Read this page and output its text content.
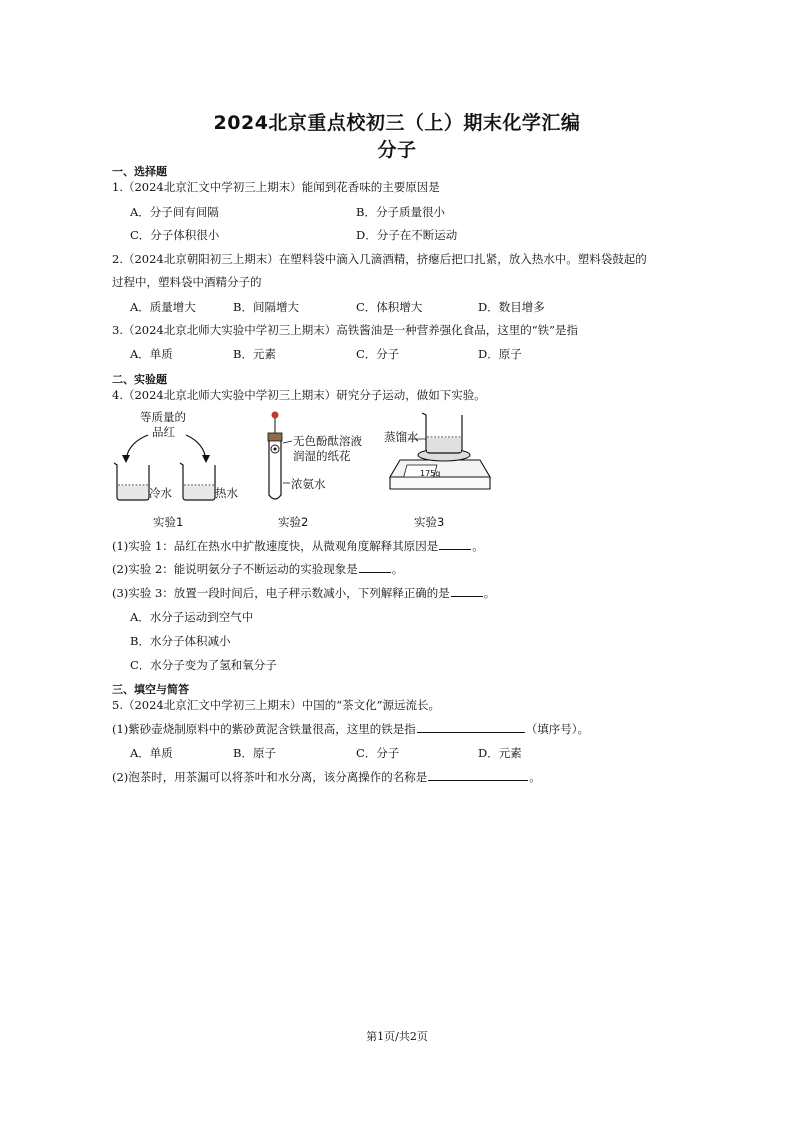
2024北京重点校初三（上）期末化学汇编
分子
一、选择题
1.（2024北京汇文中学初三上期末）能闻到花香味的主要原因是
A．分子间有间隔	B．分子质量很小
C．分子体积很小	D．分子在不断运动
2.（2024北京朝阳初三上期末）在塑料袋中滴入几滴酒精，挤瘪后把口扎紧，放入热水中。塑料袋鼓起的
过程中，塑料袋中酒精分子的
A．质量增大	B．间隔增大	C．体积增大	D．数目增多
3.（2024北京北师大实验中学初三上期末）高铁酱油是一种营养强化食品，这里的“铁”是指
A．单质	B．元素	C．分子	D．原子
二、实验题
4.（2024北京北师大实验中学初三上期末）研究分子运动，做如下实验。
等质量的
品红
冷水	热水
无色酚酞溶液
润湿的纸花
浓氨水
蒸馏水
175g
实验1	实验2	实验3
(1)实验 1：品红在热水中扩散速度快，从微观角度解释其原因是	。
(2)实验 2：能说明氨分子不断运动的实验现象是	。
(3)实验 3：放置一段时间后，电子秤示数减小，下列解释正确的是	。
A．水分子运动到空气中
B．水分子体积减小
C．水分子变为了氢和氧分子
三、填空与简答
5.（2024北京汇文中学初三上期末）中国的“茶文化”源远流长。
(1)紫砂壶烧制原料中的紫砂黄泥含铁量很高，这里的铁是指	（填序号）。
A．单质	B．原子	C．分子	D．元素
(2)泡茶时，用茶漏可以将茶叶和水分离，该分离操作的名称是	。
第1页/共2页
